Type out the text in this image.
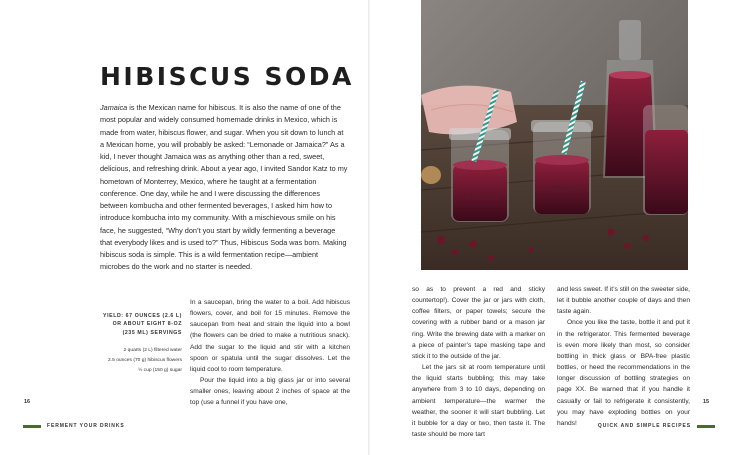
HIBISCUS SODA

Jamaica is the Mexican name for hibiscus. It is also the name of one of the most popular and widely consumed homemade drinks in Mexico, which is made from water, hibiscus flower, and sugar. When you sit down to lunch at a Mexican home, you will probably be asked: “Lemonade or Jamaica?” As a kid, I never thought Jamaica was as anything other than a red, sweet, delicious, and refreshing drink. About a year ago, I invited Sandor Katz to my hometown of Monterrey, Mexico, where he taught at a fermentation conference. One day, while he and I were discussing the differences between kombucha and other fermented beverages, I asked him how to introduce kombucha into my community. With a mischievous smile on his face, he suggested, “Why don’t you start by wildly fermenting a beverage that everybody likes and is used to?” Thus, Hibiscus Soda was born. Making hibiscus soda is simple. This is a wild fermentation recipe—ambient microbes do the work and no starter is needed.

YIELD: 67 OUNCES (2.6 L)
OR ABOUT EIGHT 8-OZ
(235 ML) SERVINGS
2 quarts (2 L) filtered water
2.5 ounces (70 g) hibiscus flowers
½ cup (150 g) sugar

In a saucepan, bring the water to a boil. Add hibiscus flowers, cover, and boil for 15 minutes. Remove the saucepan from heat and strain the liquid into a bowl (the flowers can be dried to make a nutritious snack). Add the sugar to the liquid and stir with a kitchen spoon or spatula until the sugar dissolves. Let the liquid cool to room temperature.

Pour the liquid into a big glass jar or into several smaller ones, leaving about 2 inches of space at the top (use a funnel if you have one,

16
FERMENT YOUR DRINKS
MASON
MASON

so as to prevent a red and sticky countertop!). Cover the jar or jars with cloth, coffee filters, or paper towels; secure the covering with a rubber band or a mason jar ring. Write the brewing date with a marker on a piece of painter’s tape masking tape and stick it to the outside of the jar.

Let the jars sit at room temperature until the liquid starts bubbling; this may take anywhere from 3 to 10 days, depending on ambient temperature—the warmer the weather, the sooner it will start bubbling. Let it bubble for a day or two, then taste it. The taste should be more tart

and less sweet. If it’s still on the sweeter side, let it bubble another couple of days and then taste again.

Once you like the taste, bottle it and put it in the refrigerator. This fermented beverage is even more likely than most, so consider bottling in thick glass or BPA-free plastic bottles, or heed the recommendations in the longer discussion of bottling strategies on page XX. Be warned that if you handle it casually or fail to refrigerate it consistently, you may have exploding bottles on your hands!

15
QUICK AND SIMPLE RECIPES
